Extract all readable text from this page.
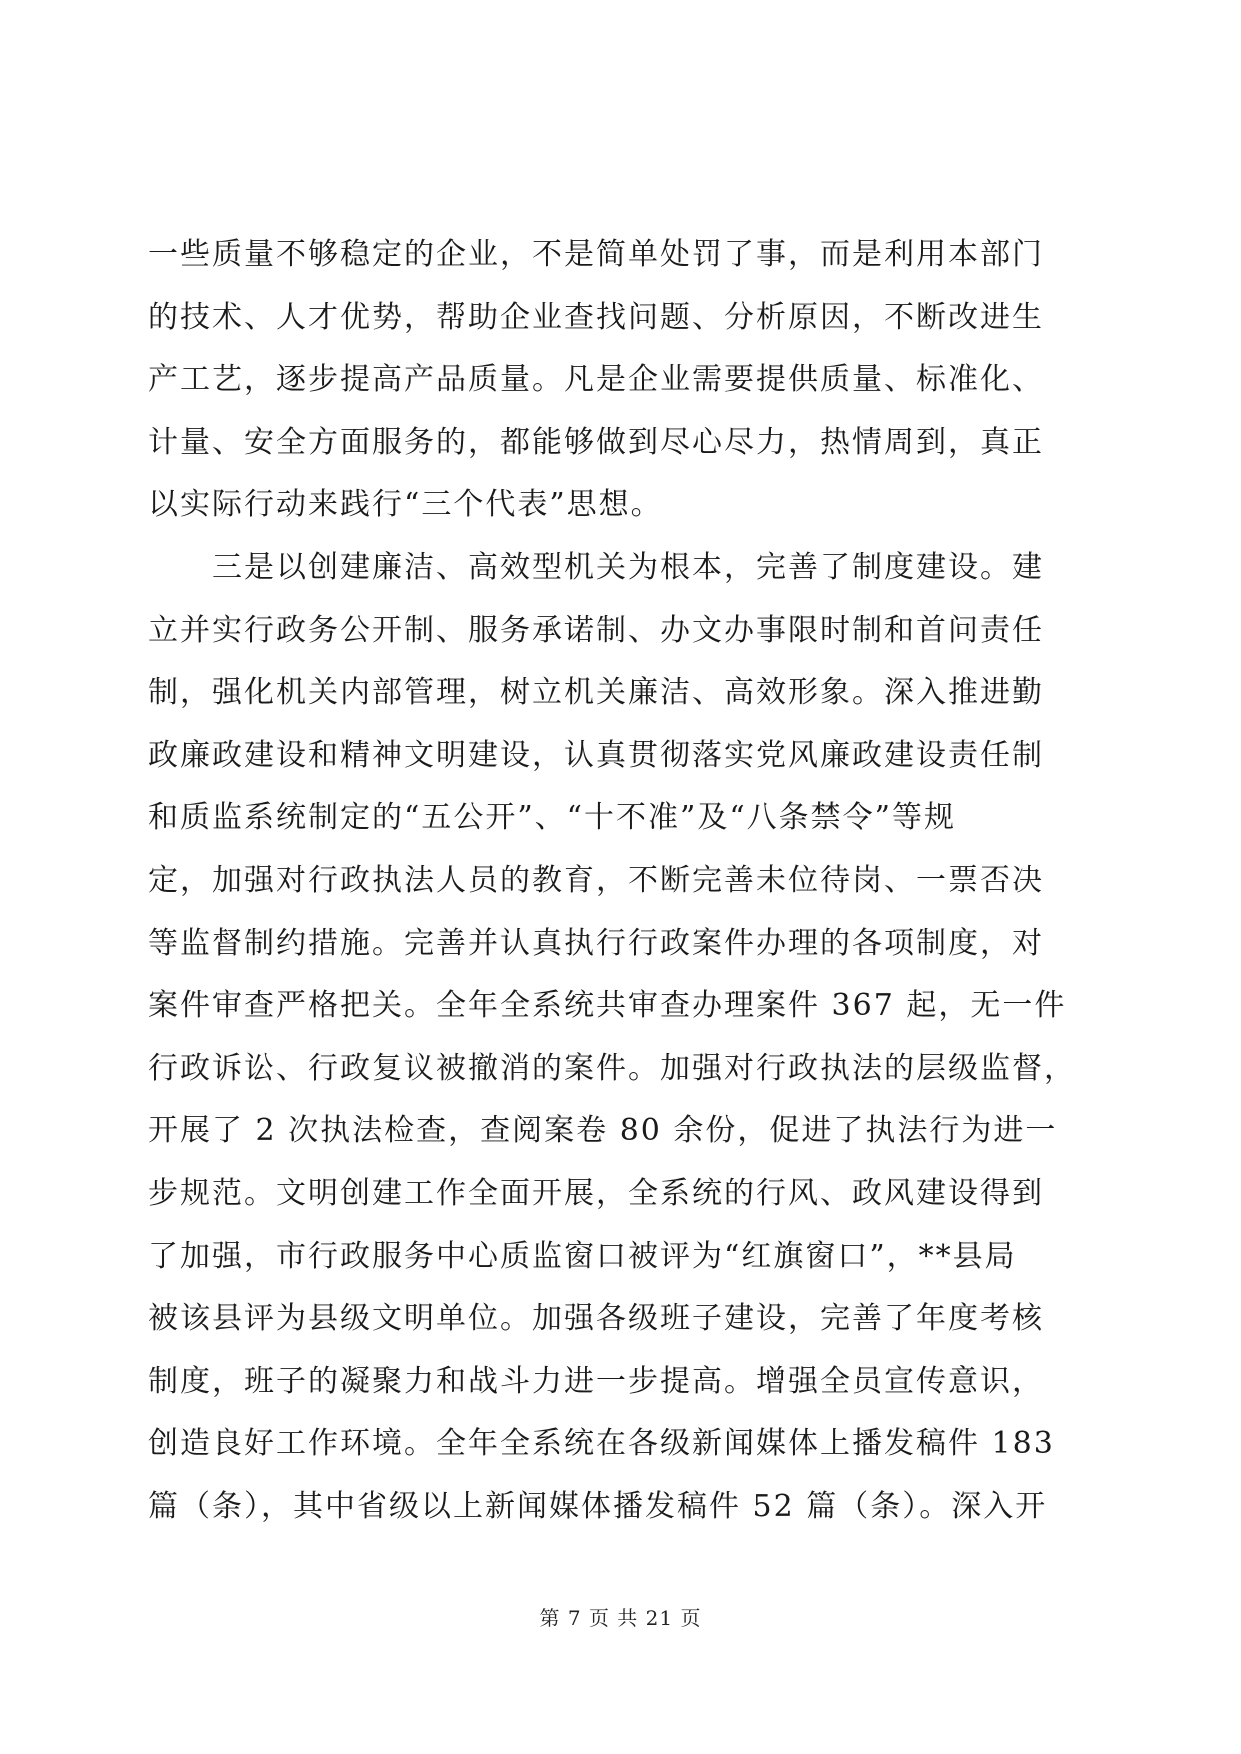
一些质量不够稳定的企业，不是简单处罚了事，而是利用本部门
的技术、人才优势，帮助企业查找问题、分析原因，不断改进生
产工艺，逐步提高产品质量。凡是企业需要提供质量、标准化、
计量、安全方面服务的，都能够做到尽心尽力，热情周到，真正
以实际行动来践行“三个代表”思想。
　　三是以创建廉洁、高效型机关为根本，完善了制度建设。建
立并实行政务公开制、服务承诺制、办文办事限时制和首问责任
制，强化机关内部管理，树立机关廉洁、高效形象。深入推进勤
政廉政建设和精神文明建设，认真贯彻落实党风廉政建设责任制
和质监系统制定的“五公开”、“十不准”及“八条禁令”等规
定，加强对行政执法人员的教育，不断完善未位待岗、一票否决
等监督制约措施。完善并认真执行行政案件办理的各项制度，对
案件审查严格把关。全年全系统共审查办理案件 367 起，无一件
行政诉讼、行政复议被撤消的案件。加强对行政执法的层级监督，
开展了 2 次执法检查，查阅案卷 80 余份，促进了执法行为进一
步规范。文明创建工作全面开展，全系统的行风、政风建设得到
了加强，市行政服务中心质监窗口被评为“红旗窗口”，**县局
被该县评为县级文明单位。加强各级班子建设，完善了年度考核
制度，班子的凝聚力和战斗力进一步提高。增强全员宣传意识，
创造良好工作环境。全年全系统在各级新闻媒体上播发稿件 183
篇（条），其中省级以上新闻媒体播发稿件 52 篇（条）。深入开
第 7 页 共 21 页
